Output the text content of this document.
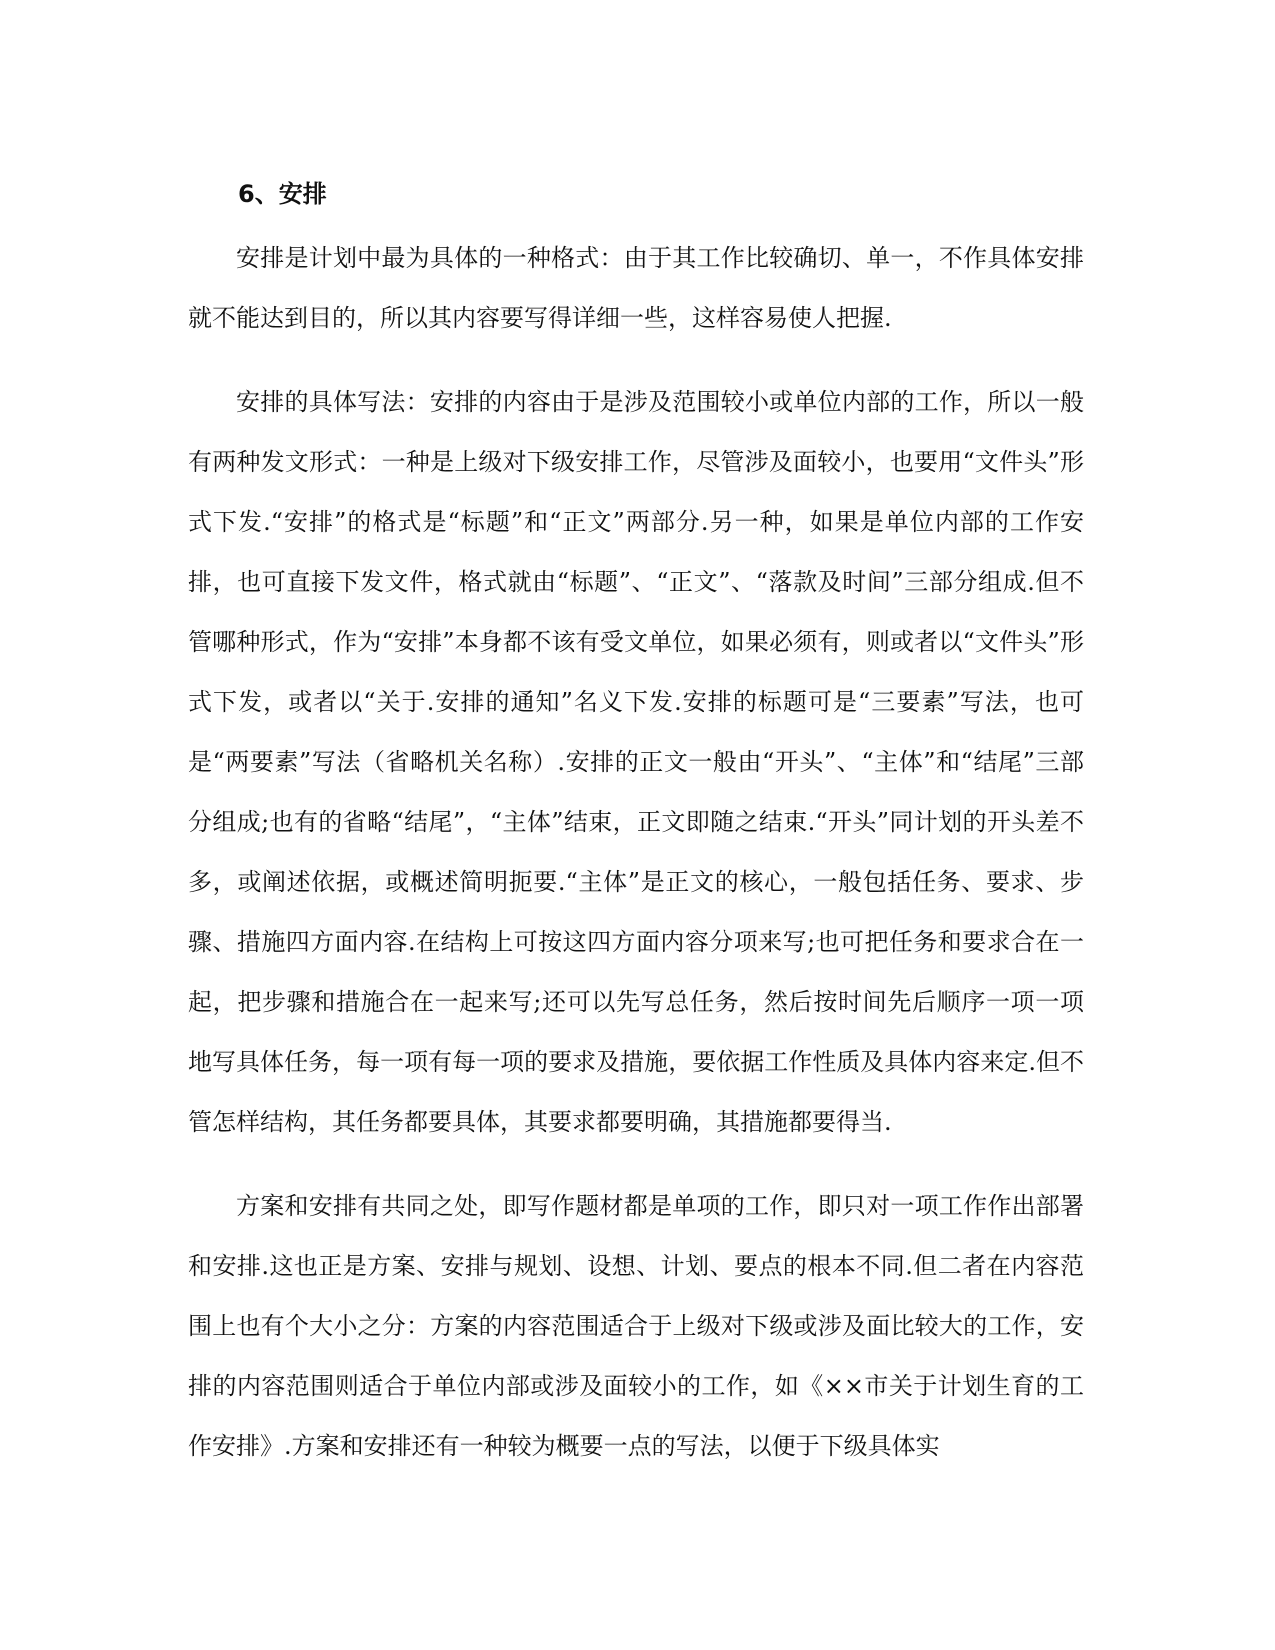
6、安排

安排是计划中最为具体的一种格式：由于其工作比较确切、单一，不作具体安排就不能达到目的，所以其内容要写得详细一些，这样容易使人把握.

安排的具体写法：安排的内容由于是涉及范围较小或单位内部的工作，所以一般有两种发文形式：一种是上级对下级安排工作，尽管涉及面较小，也要用“文件头”形式下发.“安排”的格式是“标题”和“正文”两部分.另一种，如果是单位内部的工作安排，也可直接下发文件，格式就由“标题”、“正文”、“落款及时间”三部分组成.但不管哪种形式，作为“安排”本身都不该有受文单位，如果必须有，则或者以“文件头”形式下发，或者以“关于.安排的通知”名义下发.安排的标题可是“三要素”写法，也可是“两要素”写法（省略机关名称）.安排的正文一般由“开头”、“主体”和“结尾”三部分组成;也有的省略“结尾”，“主体”结束，正文即随之结束.“开头”同计划的开头差不多，或阐述依据，或概述简明扼要.“主体”是正文的核心，一般包括任务、要求、步骤、措施四方面内容.在结构上可按这四方面内容分项来写;也可把任务和要求合在一起，把步骤和措施合在一起来写;还可以先写总任务，然后按时间先后顺序一项一项地写具体任务，每一项有每一项的要求及措施，要依据工作性质及具体内容来定.但不管怎样结构，其任务都要具体，其要求都要明确，其措施都要得当.

方案和安排有共同之处，即写作题材都是单项的工作，即只对一项工作作出部署和安排.这也正是方案、安排与规划、设想、计划、要点的根本不同.但二者在内容范围上也有个大小之分：方案的内容范围适合于上级对下级或涉及面比较大的工作，安排的内容范围则适合于单位内部或涉及面较小的工作，如《××市关于计划生育的工作安排》.方案和安排还有一种较为概要一点的写法，以便于下级具体实
